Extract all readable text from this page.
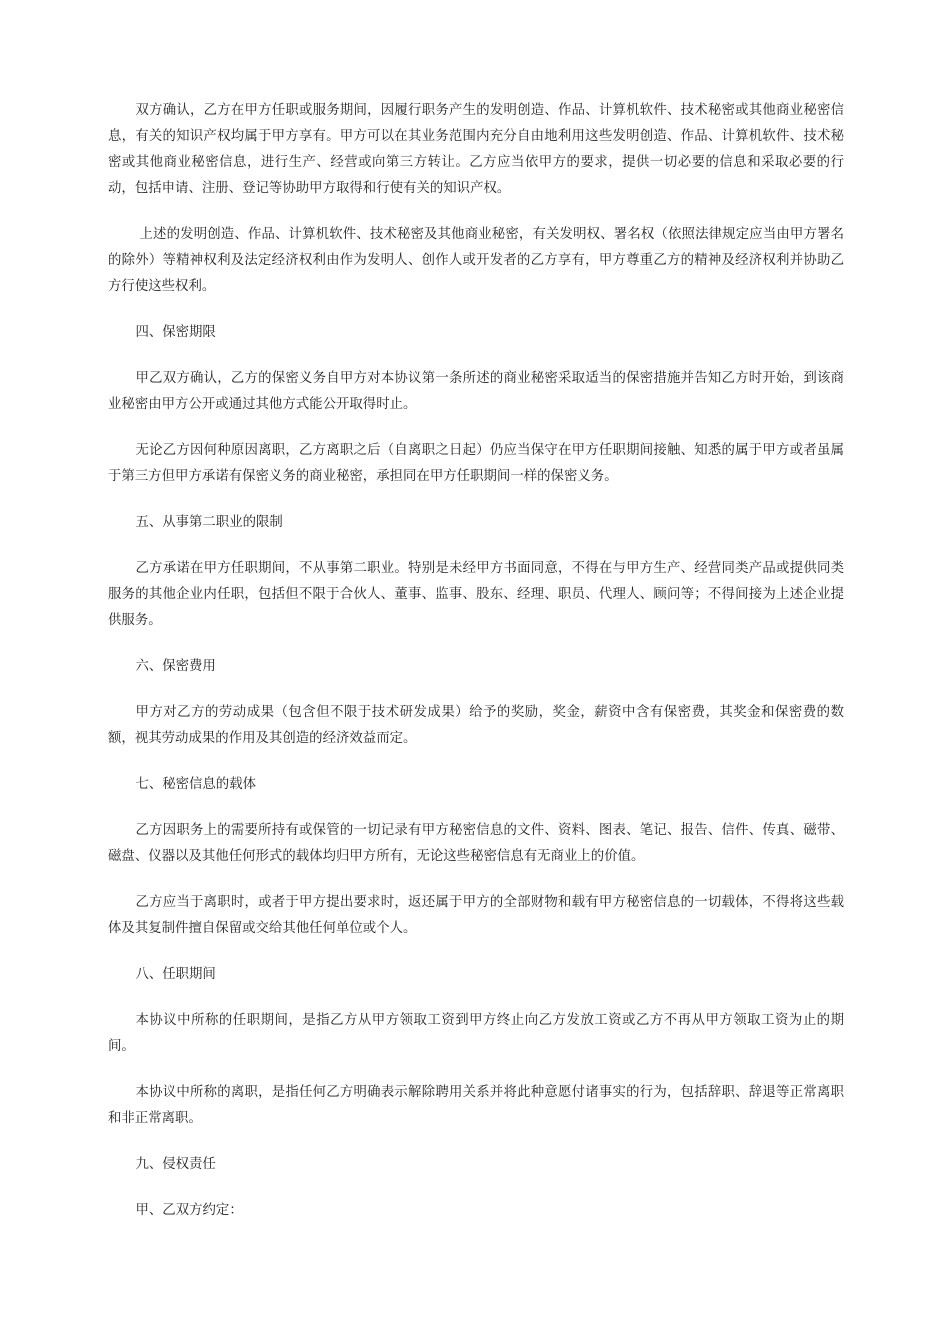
双方确认，乙方在甲方任职或服务期间，因履行职务产生的发明创造、作品、计算机软件、技术秘密或其他商业秘密信息，有关的知识产权均属于甲方享有。甲方可以在其业务范围内充分自由地利用这些发明创造、作品、计算机软件、技术秘密或其他商业秘密信息，进行生产、经营或向第三方转让。乙方应当依甲方的要求，提供一切必要的信息和采取必要的行动，包括申请、注册、登记等协助甲方取得和行使有关的知识产权。

上述的发明创造、作品、计算机软件、技术秘密及其他商业秘密，有关发明权、署名权（依照法律规定应当由甲方署名的除外）等精神权利及法定经济权利由作为发明人、创作人或开发者的乙方享有，甲方尊重乙方的精神及经济权利并协助乙方行使这些权利。

四、保密期限

甲乙双方确认，乙方的保密义务自甲方对本协议第一条所述的商业秘密采取适当的保密措施并告知乙方时开始，到该商业秘密由甲方公开或通过其他方式能公开取得时止。

无论乙方因何种原因离职，乙方离职之后（自离职之日起）仍应当保守在甲方任职期间接触、知悉的属于甲方或者虽属于第三方但甲方承诺有保密义务的商业秘密，承担同在甲方任职期间一样的保密义务。

五、从事第二职业的限制

乙方承诺在甲方任职期间，不从事第二职业。特别是未经甲方书面同意，不得在与甲方生产、经营同类产品或提供同类服务的其他企业内任职，包括但不限于合伙人、董事、监事、股东、经理、职员、代理人、顾问等；不得间接为上述企业提供服务。

六、保密费用

甲方对乙方的劳动成果（包含但不限于技术研发成果）给予的奖励，奖金，薪资中含有保密费，其奖金和保密费的数额，视其劳动成果的作用及其创造的经济效益而定。

七、秘密信息的载体

乙方因职务上的需要所持有或保管的一切记录有甲方秘密信息的文件、资料、图表、笔记、报告、信件、传真、磁带、磁盘、仪器以及其他任何形式的载体均归甲方所有，无论这些秘密信息有无商业上的价值。

乙方应当于离职时，或者于甲方提出要求时，返还属于甲方的全部财物和载有甲方秘密信息的一切载体，不得将这些载体及其复制件擅自保留或交给其他任何单位或个人。

八、任职期间

本协议中所称的任职期间，是指乙方从甲方领取工资到甲方终止向乙方发放工资或乙方不再从甲方领取工资为止的期间。

本协议中所称的离职，是指任何乙方明确表示解除聘用关系并将此种意愿付诸事实的行为，包括辞职、辞退等正常离职和非正常离职。

九、侵权责任

甲、乙双方约定：
